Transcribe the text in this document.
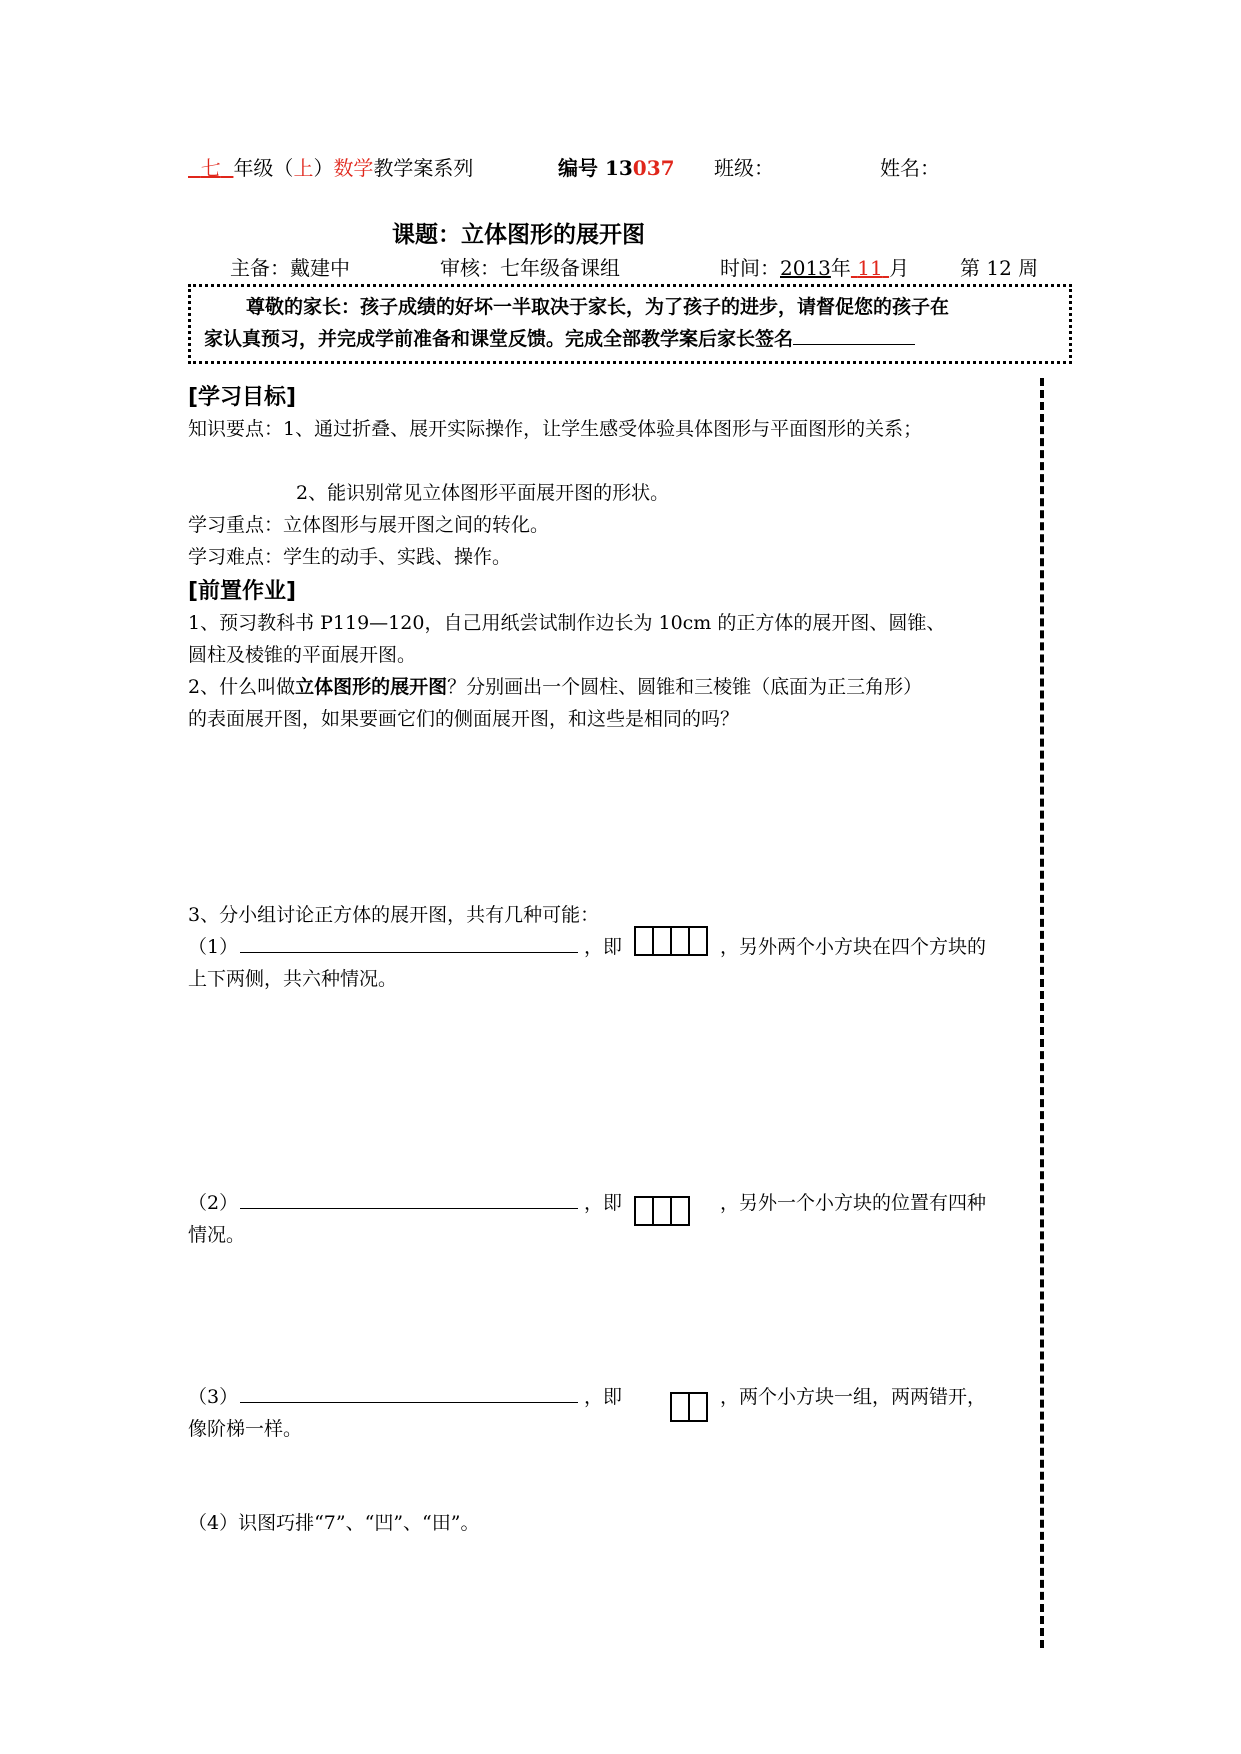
七 年级（上）数学教学案系列	编号 13037 班级：	姓名：
课题：立体图形的展开图
主备：戴建中	审核：七年级备课组	时间：2013年 11 月	第 12 周
尊敬的家长：孩子成绩的好坏一半取决于家长，为了孩子的进步，请督促您的孩子在
家认真预习，并完成学前准备和课堂反馈。完成全部教学案后家长签名
[学习目标]
知识要点：1、通过折叠、展开实际操作，让学生感受体验具体图形与平面图形的关系；
2、能识别常见立体图形平面展开图的形状。
学习重点：立体图形与展开图之间的转化。
学习难点：学生的动手、实践、操作。
[前置作业]
1、预习教科书 P119—120，自己用纸尝试制作边长为 10cm 的正方体的展开图、圆锥、
圆柱及棱锥的平面展开图。
2、什么叫做立体图形的展开图？分别画出一个圆柱、圆锥和三棱锥（底面为正三角形）
的表面展开图，如果要画它们的侧面展开图，和这些是相同的吗？
3、分小组讨论正方体的展开图，共有几种可能：
（1）	，即	，另外两个小方块在四个方块的
上下两侧，共六种情况。
（2）	，即	，另外一个小方块的位置有四种
情况。
（3）	，即	，两个小方块一组，两两错开，
像阶梯一样。
（4）识图巧排“7”、“凹”、“田”。
